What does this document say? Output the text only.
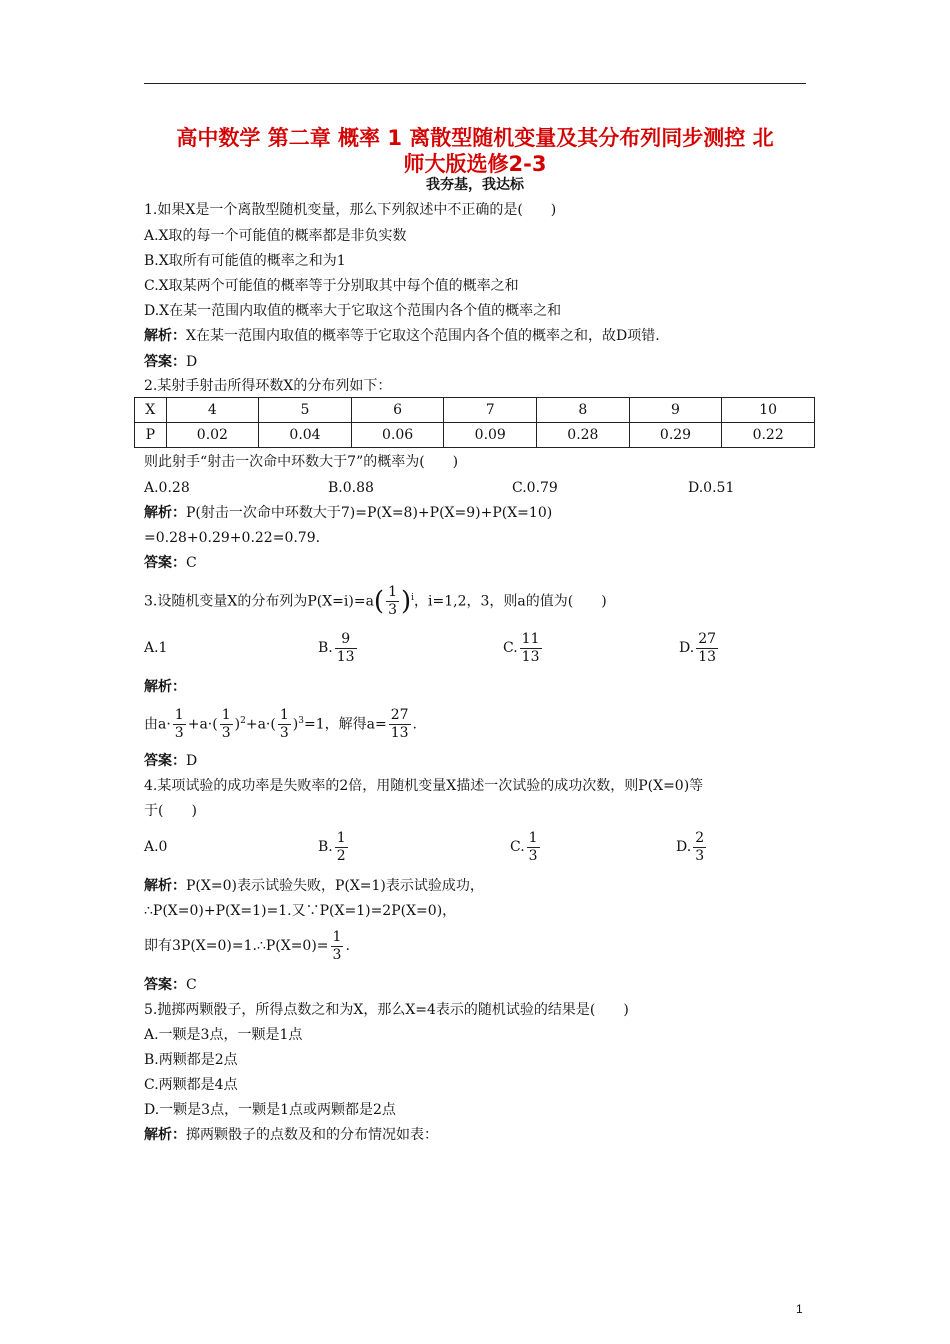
高中数学 第二章 概率 1 离散型随机变量及其分布列同步测控 北
师大版选修2-3
我夯基，我达标
1.如果X是一个离散型随机变量，那么下列叙述中不正确的是(　　)
A.X取的每一个可能值的概率都是非负实数
B.X取所有可能值的概率之和为1
C.X取某两个可能值的概率等于分别取其中每个值的概率之和
D.X在某一范围内取值的概率大于它取这个范围内各个值的概率之和
解析：X在某一范围内取值的概率等于它取这个范围内各个值的概率之和，故D项错.
答案：D
2.某射手射击所得环数X的分布列如下：
X	4	5	6	7	8	9	10
P	0.02	0.04	0.06	0.09	0.28	0.29	0.22
则此射手“射击一次命中环数大于7”的概率为(　　)
A.0.28	B.0.88	C.0.79	D.0.51
解析：P(射击一次命中环数大于7)=P(X=8)+P(X=9)+P(X=10)
=0.28+0.29+0.22=0.79.
答案：C
3.设随机变量X的分布列为$P(X=i)=a( \frac{1}{3} )^i$，i=1,2，3，则a的值为(　　)
A.1	B. $\frac{9}{13}$	C. $\frac{11}{13}$	D. $\frac{27}{13}$
解析：
由$a\cdot \frac{1}{3} +a\cdot( \frac{1}{3} )^2+a\cdot( \frac{1}{3} )^3=1$，解得$a= \frac{27}{13}$ .
答案：D
4.某项试验的成功率是失败率的2倍，用随机变量X描述一次试验的成功次数，则P(X=0)等
于(　　)
A.0	B. $\frac{1}{2}$	C. $\frac{1}{3}$	D. $\frac{2}{3}$
解析：P(X=0)表示试验失败，P(X=1)表示试验成功，
∴P(X=0)+P(X=1)=1.又∵P(X=1)=2P(X=0)，
即有3P(X=0)=1.∴P(X=0)= $\frac{1}{3}$ .
答案：C
5.抛掷两颗骰子，所得点数之和为X，那么X=4表示的随机试验的结果是(　　)
A.一颗是3点，一颗是1点
B.两颗都是2点
C.两颗都是4点
D.一颗是3点，一颗是1点或两颗都是2点
解析：掷两颗骰子的点数及和的分布情况如表：
1
